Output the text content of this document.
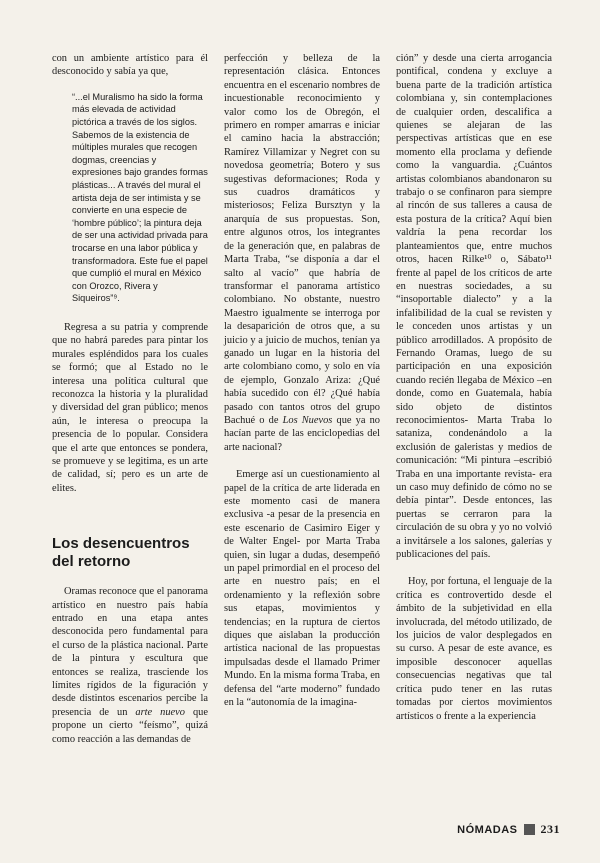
con un ambiente artístico para él desconocido y sabía ya que,

“...el Muralismo ha sido la forma más elevada de actividad pictórica a través de los siglos. Sabemos de la existencia de múltiples murales que recogen dogmas, creencias y expresiones bajo grandes formas plásticas... A través del mural el artista deja de ser intimista y se convierte en una especie de ‘hombre público’; la pintura deja de ser una actividad privada para trocarse en una labor pública y transformadora. Este fue el papel que cumplió el mural en México con Orozco, Rivera y Siqueiros”⁹.

Regresa a su patria y comprende que no habrá paredes para pintar los murales espléndidos para los cuales se formó; que al Estado no le interesa una política cultural que reconozca la historia y la pluralidad y diversidad del gran público; menos aún, le interesa o preocupa la presencia de lo popular. Considera que el arte que entonces se pondera, se promueve y se legitima, es un arte de calidad, sí; pero es un arte de elites.

Los desencuentros del retorno

Oramas reconoce que el panorama artístico en nuestro país había entrado en una etapa antes desconocida pero fundamental para el curso de la plástica nacional. Parte de la pintura y escultura que entonces se realiza, trasciende los límites rígidos de la figuración y desde distintos escenarios percibe la presencia de un arte nuevo que propone un cierto “feísmo”, quizá como reacción a las demandas de

perfección y belleza de la representación clásica. Entonces encuentra en el escenario nombres de incuestionable reconocimiento y valor como los de Obregón, el primero en romper amarras e iniciar el camino hacia la abstracción; Ramírez Villamizar y Negret con su novedosa geometría; Botero y sus sugestivas deformaciones; Roda y sus cuadros dramáticos y misteriosos; Feliza Bursztyn y la anarquía de sus propuestas. Son, entre algunos otros, los integrantes de la generación que, en palabras de Marta Traba, “se disponía a dar el salto al vacío” que habría de transformar el panorama artístico colombiano. No obstante, nuestro Maestro igualmente se interroga por la desaparición de otros que, a su juicio y a juicio de muchos, tenían ya ganado un lugar en la historia del arte colombiano como, y solo en vía de ejemplo, Gonzalo Ariza: ¿Qué había sucedido con él? ¿Qué había pasado con tantos otros del grupo Bachué o de Los Nuevos que ya no hacían parte de las enciclopedias del arte nacional?

Emerge así un cuestionamiento al papel de la crítica de arte liderada en este momento casi de manera exclusiva -a pesar de la presencia en este escenario de Casimiro Eiger y de Walter Engel- por Marta Traba quien, sin lugar a dudas, desempeñó un papel primordial en el proceso del arte en nuestro país; en el ordenamiento y la reflexión sobre sus etapas, movimientos y tendencias; en la ruptura de ciertos diques que aislaban la producción artística nacional de las propuestas impulsadas desde el llamado Primer Mundo. En la misma forma Traba, en defensa del “arte moderno” fundado en la “autonomía de la imagina-

ción” y desde una cierta arrogancia pontifical, condena y excluye a buena parte de la tradición artística colombiana y, sin contemplaciones de cualquier orden, descalifica a quienes se alejaran de las perspectivas artísticas que en ese momento ella proclama y defiende como la vanguardia. ¿Cuántos artistas colombianos abandonaron su trabajo o se confinaron para siempre al rincón de sus talleres a causa de esta postura de la crítica? Aquí bien valdría la pena recordar los planteamientos que, entre muchos otros, hacen Rilke¹⁰ o, Sábato¹¹ frente al papel de los críticos de arte en nuestras sociedades, a su “insoportable dialecto” y a la infalibilidad de la cual se revisten y le conceden unos artistas y un público arrodillados. A propósito de Fernando Oramas, luego de su participación en una exposición cuando recién llegaba de México –en donde, como en Guatemala, había sido objeto de distintos reconocimientos- Marta Traba lo sataniza, condenándolo a la exclusión de galeristas y medios de comunicación: “Mi pintura –escribió Traba en una importante revista- era un caso muy definido de cómo no se debía pintar”. Desde entonces, las puertas se cerraron para la circulación de su obra y yo no volvió a invitársele a los salones, galerías y publicaciones del país.

Hoy, por fortuna, el lenguaje de la crítica es controvertido desde el ámbito de la subjetividad en ella involucrada, del método utilizado, de los juicios de valor desplegados en su curso. A pesar de este avance, es imposible desconocer aquellas consecuencias negativas que tal crítica pudo tener en las rutas tomadas por ciertos movimientos artísticos o frente a la experiencia

NÓMADAS 231
